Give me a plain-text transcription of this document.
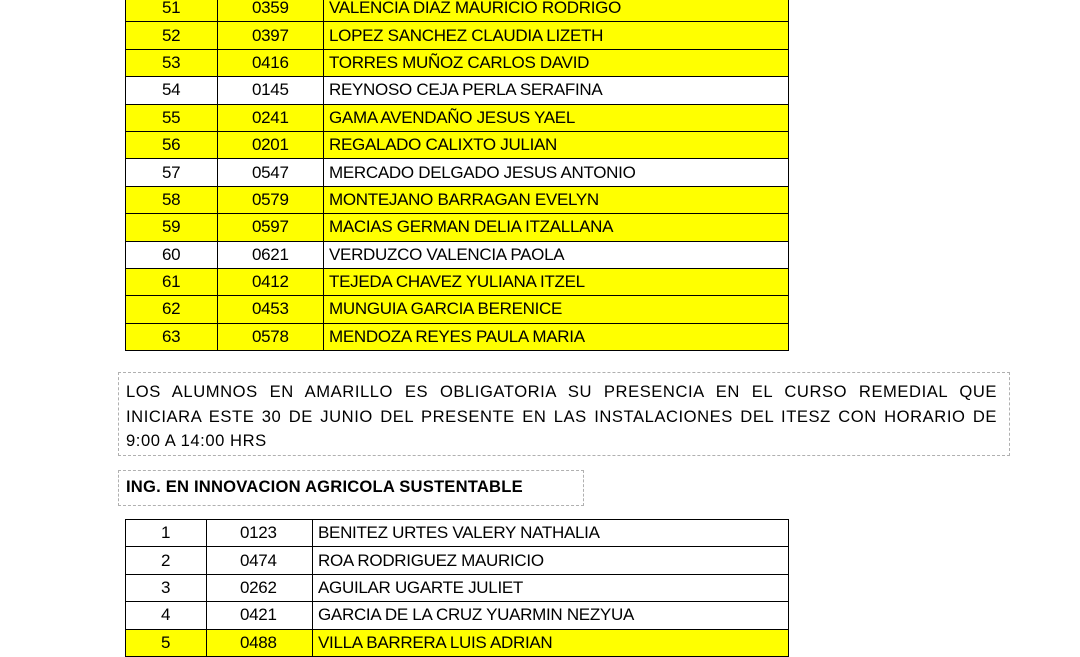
51	0359	VALENCIA DIAZ MAURICIO RODRIGO
52	0397	LOPEZ SANCHEZ CLAUDIA LIZETH
53	0416	TORRES MUÑOZ CARLOS DAVID
54	0145	REYNOSO CEJA PERLA SERAFINA
55	0241	GAMA AVENDAÑO JESUS YAEL
56	0201	REGALADO CALIXTO JULIAN
57	0547	MERCADO DELGADO JESUS ANTONIO
58	0579	MONTEJANO BARRAGAN EVELYN
59	0597	MACIAS GERMAN DELIA ITZALLANA
60	0621	VERDUZCO VALENCIA PAOLA
61	0412	TEJEDA CHAVEZ YULIANA ITZEL
62	0453	MUNGUIA GARCIA BERENICE
63	0578	MENDOZA REYES PAULA MARIA
LOS ALUMNOS EN AMARILLO ES OBLIGATORIA SU PRESENCIA EN EL CURSO REMEDIAL QUE INICIARA ESTE 30 DE JUNIO DEL PRESENTE EN LAS INSTALACIONES DEL ITESZ CON HORARIO DE 9:00 A 14:00 HRS
ING. EN INNOVACION AGRICOLA SUSTENTABLE
1	0123	BENITEZ URTES VALERY NATHALIA
2	0474	ROA RODRIGUEZ MAURICIO
3	0262	AGUILAR UGARTE JULIET
4	0421	GARCIA DE LA CRUZ YUARMIN NEZYUA
5	0488	VILLA BARRERA LUIS ADRIAN
